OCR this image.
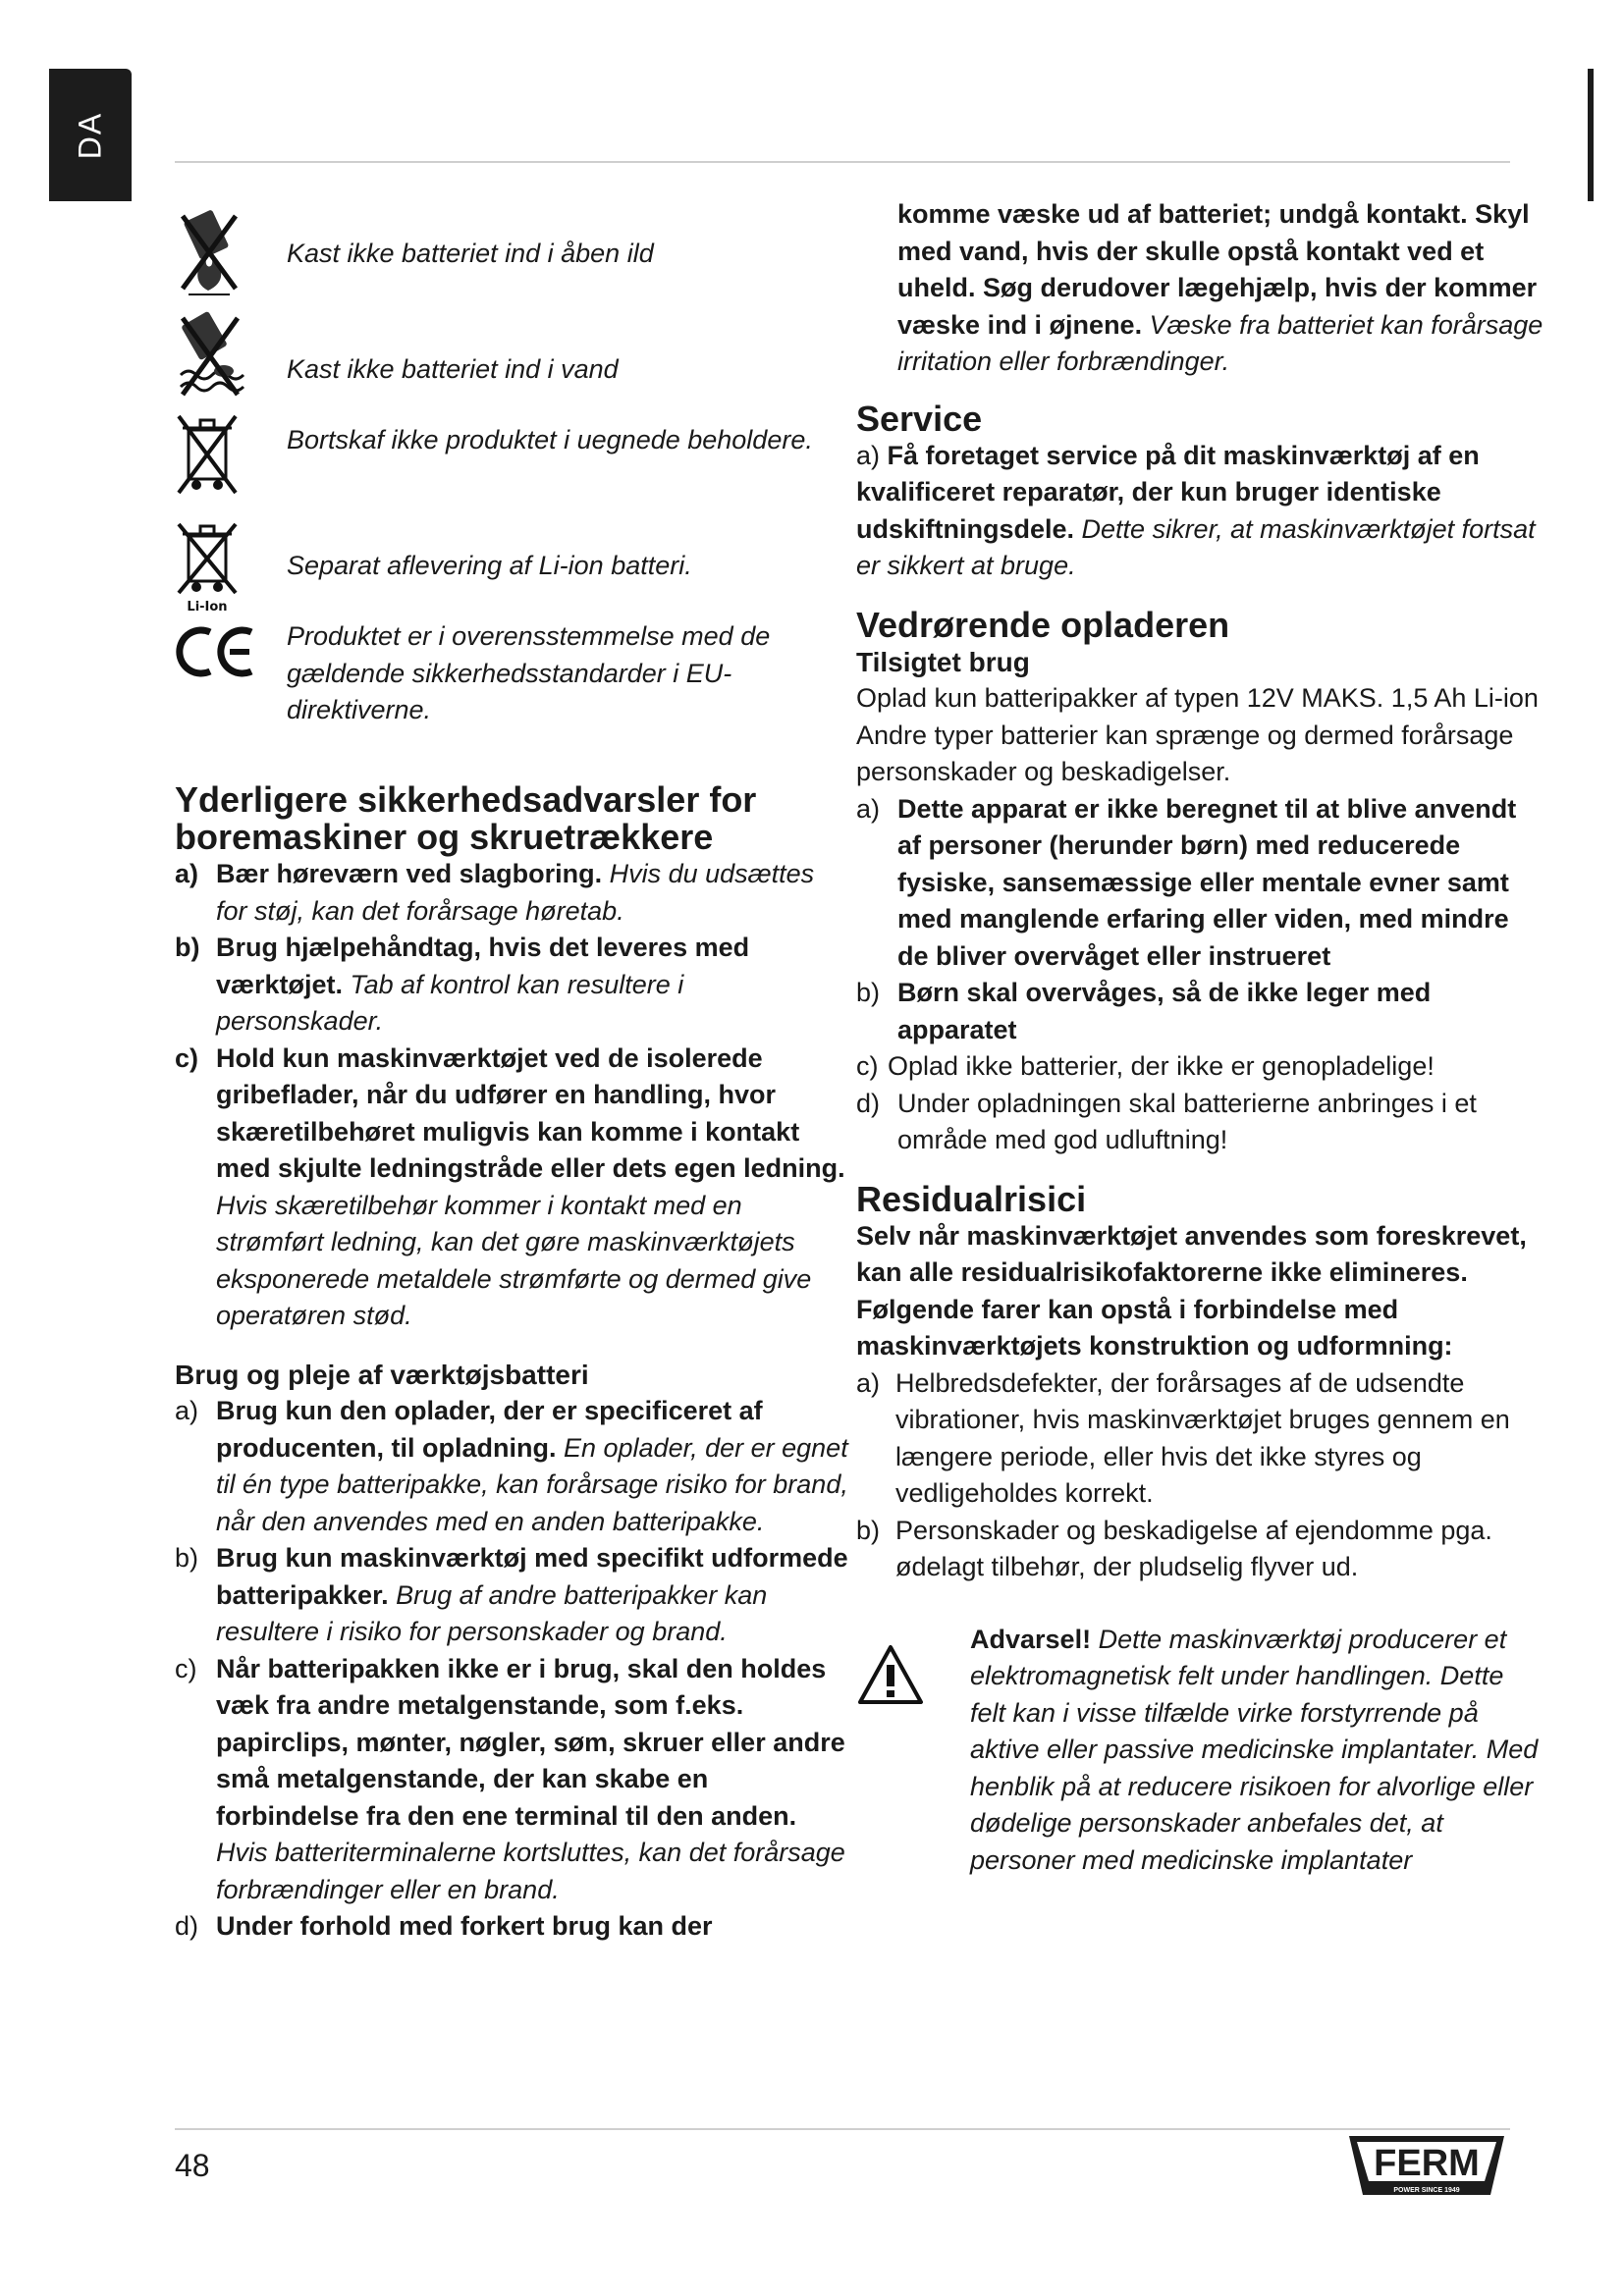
DA

Kast ikke batteriet ind i åben ild

Kast ikke batteriet ind i vand

Bortskaf ikke produktet i uegnede beholdere.

Li-Ion

Separat aflevering af Li-ion batteri.

Produktet er i overensstemmelse med de gældende sikkerhedsstandarder i EU-direktiverne.

Yderligere sikkerhedsadvarsler for boremaskiner og skruetrækkere
a) Bær høreværn ved slagboring. Hvis du udsættes for støj, kan det forårsage høretab.
b) Brug hjælpehåndtag, hvis det leveres med værktøjet. Tab af kontrol kan resultere i personskader.
c) Hold kun maskinværktøjet ved de isolerede gribeflader, når du udfører en handling, hvor skæretilbehøret muligvis kan komme i kontakt med skjulte ledningstråde eller dets egen ledning. Hvis skæretilbehør kommer i kontakt med en strømført ledning, kan det gøre maskinværktøjets eksponerede metaldele strømførte og dermed give operatøren stød.
Brug og pleje af værktøjsbatteri
a) Brug kun den oplader, der er specificeret af producenten, til opladning. En oplader, der er egnet til én type batteripakke, kan forårsage risiko for brand, når den anvendes med en anden batteripakke.
b) Brug kun maskinværktøj med specifikt udformede batteripakker. Brug af andre batteripakker kan resultere i risiko for personskader og brand.
c) Når batteripakken ikke er i brug, skal den holdes væk fra andre metalgenstande, som f.eks. papirclips, mønter, nøgler, søm, skruer eller andre små metalgenstande, der kan skabe en forbindelse fra den ene terminal til den anden. Hvis batteriterminalerne kortsluttes, kan det forårsage forbrændinger eller en brand.
d) Under forhold med forkert brug kan der

komme væske ud af batteriet; undgå kontakt. Skyl med vand, hvis der skulle opstå kontakt ved et uheld. Søg derudover lægehjælp, hvis der kommer væske ind i øjnene. Væske fra batteriet kan forårsage irritation eller forbrændinger.

Service

a) Få foretaget service på dit maskinværktøj af en kvalificeret reparatør, der kun bruger identiske udskiftningsdele. Dette sikrer, at maskinværktøjet fortsat er sikkert at bruge.

Vedrørende opladeren
Tilsigtet brug

Oplad kun batteripakker af typen 12V MAKS. 1,5 Ah Li-ion Andre typer batterier kan sprænge og dermed forårsage personskader og beskadigelser.

a) Dette apparat er ikke beregnet til at blive anvendt af personer (herunder børn) med reducerede fysiske, sansemæssige eller mentale evner samt med manglende erfaring eller viden, med mindre de bliver overvåget eller instrueret
b) Børn skal overvåges, så de ikke leger med apparatet
c) Oplad ikke batterier, der ikke er genopladelige!
d) Under opladningen skal batterierne anbringes i et område med god udluftning!
Residualrisici

Selv når maskinværktøjet anvendes som foreskrevet, kan alle residualrisikofaktorerne ikke elimineres. Følgende farer kan opstå i forbindelse med maskinværktøjets konstruktion og udformning:

a) Helbredsdefekter, der forårsages af de udsendte vibrationer, hvis maskinværktøjet bruges gennem en længere periode, eller hvis det ikke styres og vedligeholdes korrekt.
b) Personskader og beskadigelse af ejendomme pga. ødelagt tilbehør, der pludselig flyver ud.

Advarsel! Dette maskinværktøj producerer et elektromagnetisk felt under handlingen. Dette felt kan i visse tilfælde virke forstyrrende på aktive eller passive medicinske implantater. Med henblik på at reducere risikoen for alvorlige eller dødelige personskader anbefales det, at personer med medicinske implantater

48	FERM
POWER SINCE 1949
